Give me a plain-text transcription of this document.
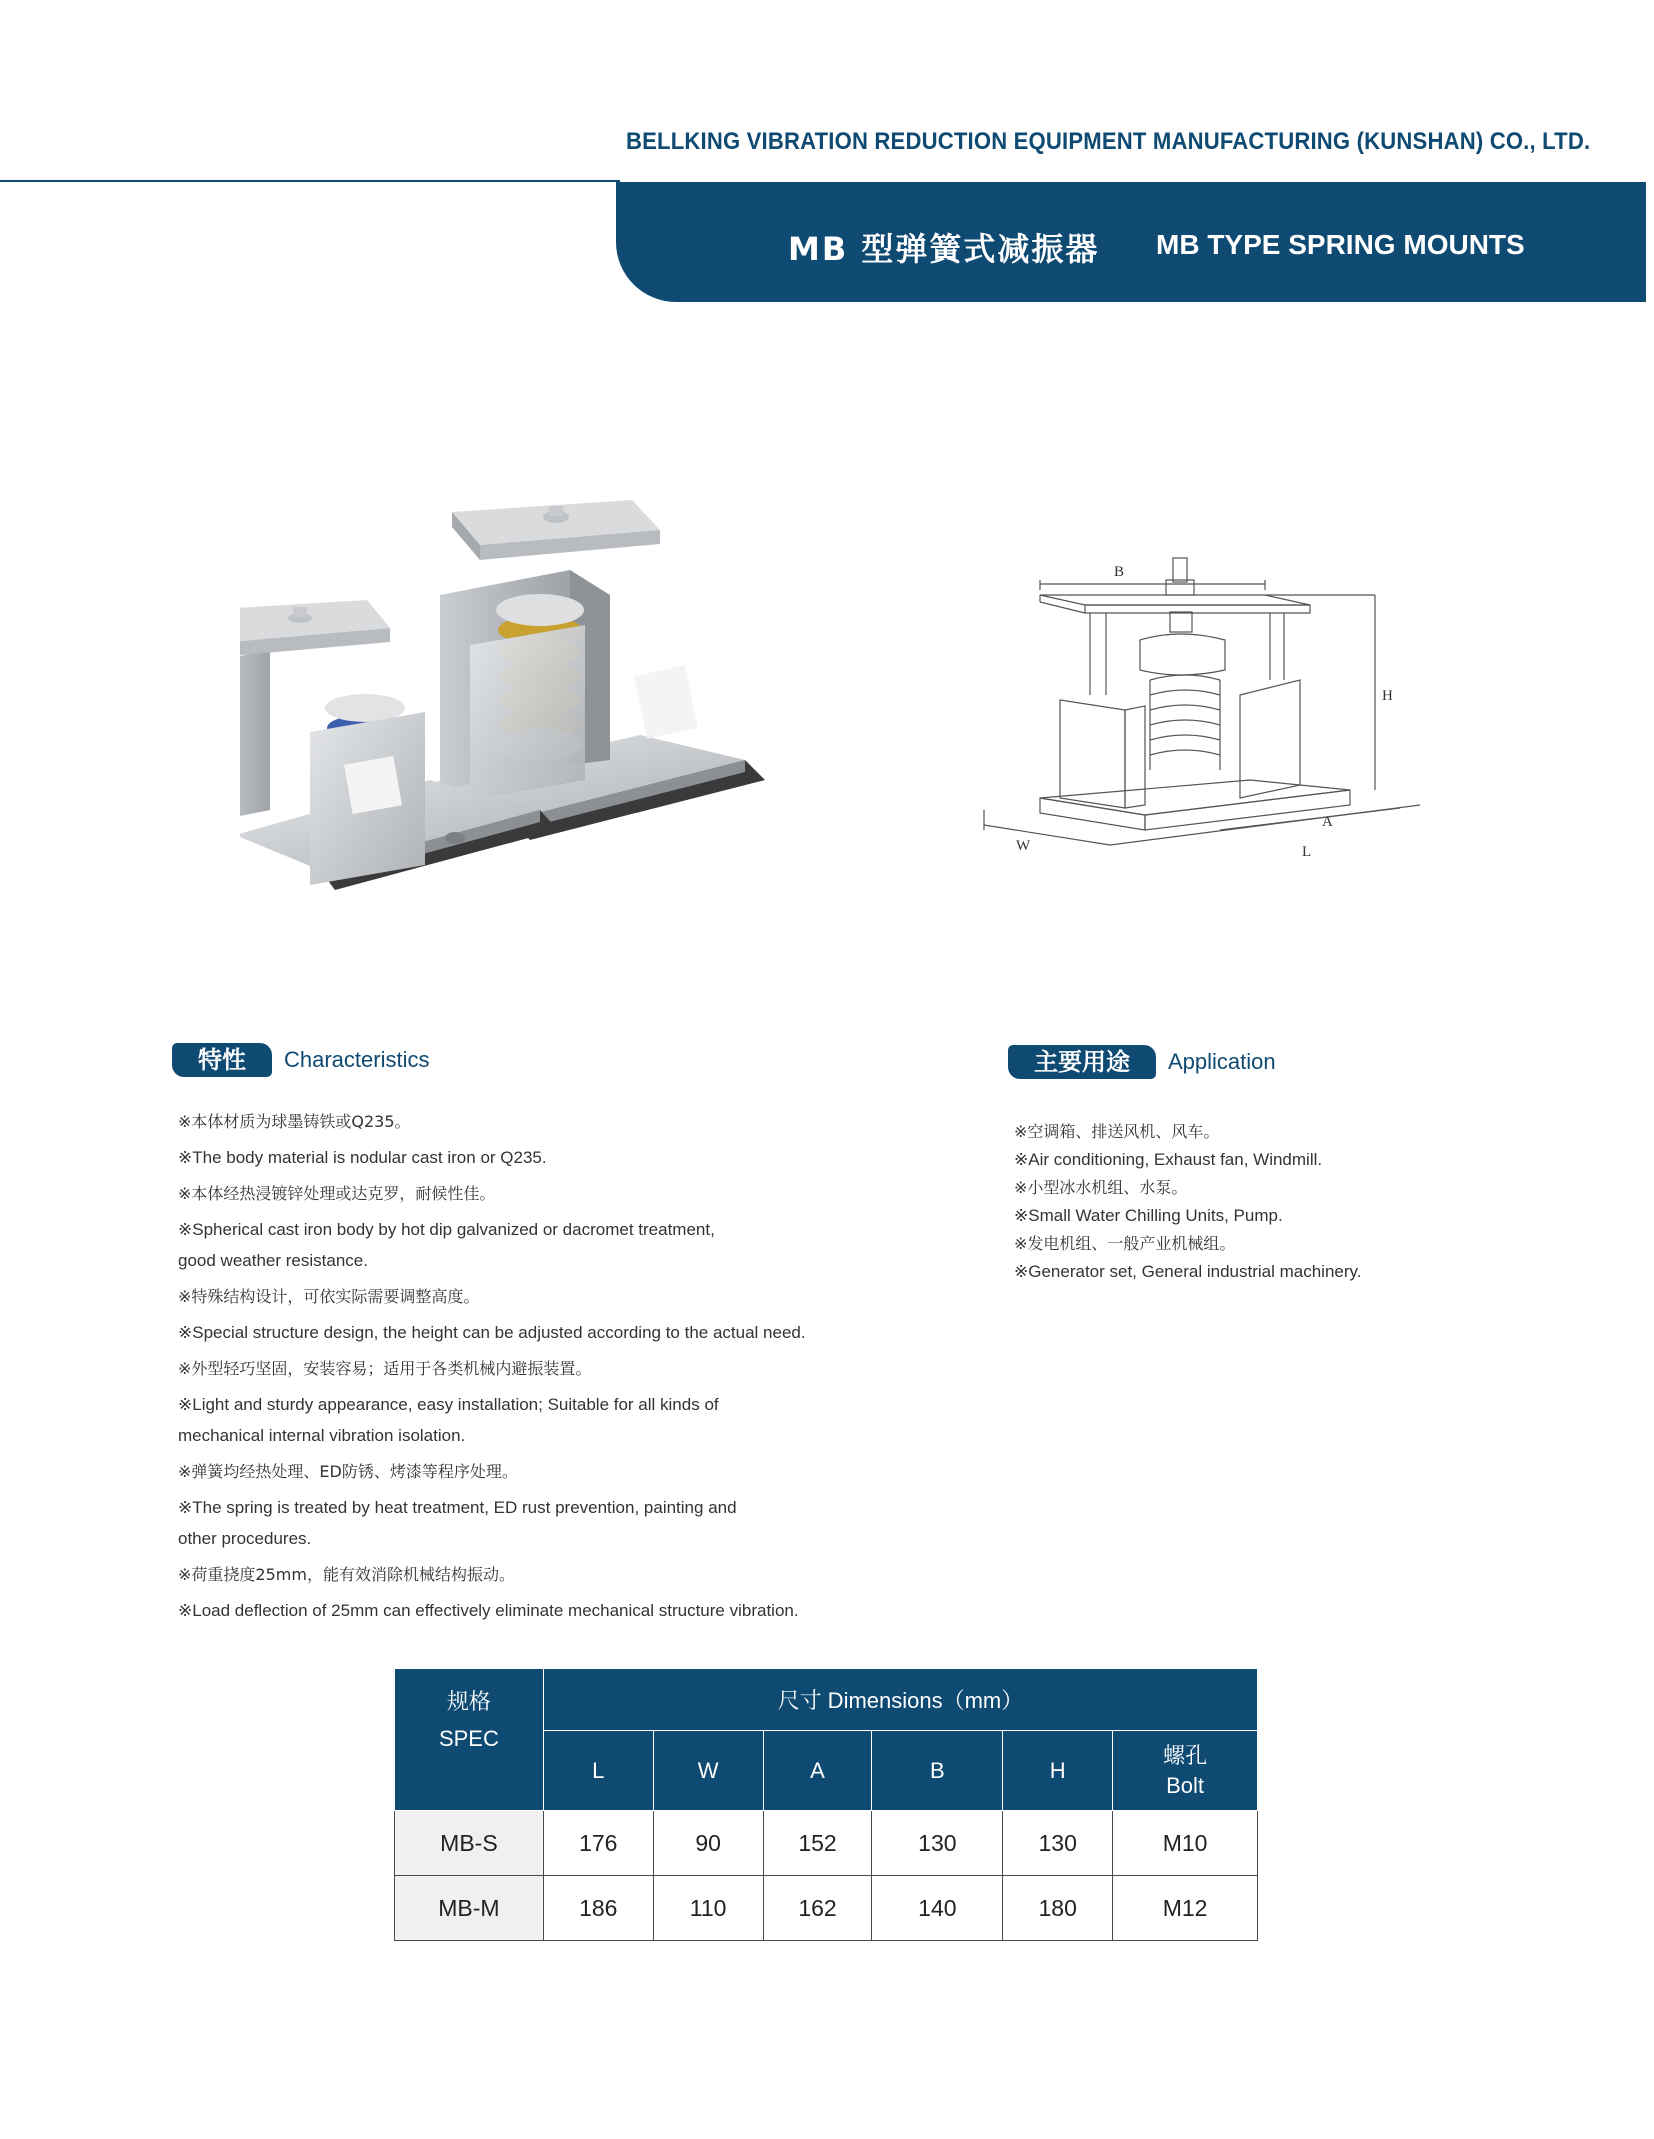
BELLKING VIBRATION REDUCTION EQUIPMENT MANUFACTURING (KUNSHAN) CO., LTD.
MB 型弹簧式减振器 MB TYPE SPRING MOUNTS
B
H
A
L
W
特性 Characteristics
※本体材质为球墨铸铁或Q235。
※The body material is nodular cast iron or Q235.
※本体经热浸镀锌处理或达克罗，耐候性佳。
※Spherical cast iron body by hot dip galvanized or dacromet treatment,
good weather resistance.
※特殊结构设计，可依实际需要调整高度。
※Special structure design, the height can be adjusted according to the actual need.
※外型轻巧坚固，安装容易；适用于各类机械内避振装置。
※Light and sturdy appearance, easy installation; Suitable for all kinds of
mechanical internal vibration isolation.
※弹簧均经热处理、ED防锈、烤漆等程序处理。
※The spring is treated by heat treatment, ED rust prevention, painting and
other procedures.
※荷重挠度25mm，能有效消除机械结构振动。
※Load deflection of 25mm can effectively eliminate mechanical structure vibration.
主要用途 Application
※空调箱、排送风机、风车。
※Air conditioning, Exhaust fan, Windmill.
※小型冰水机组、水泵。
※Small Water Chilling Units, Pump.
※发电机组、一般产业机械组。
※Generator set, General industrial machinery.
规格
SPEC	尺寸 Dimensions（mm）					
	L	W	A	B	H	螺孔
Bolt

MB-S	176	90	152	130	130	M10
MB-M	186	110	162	140	180	M12
